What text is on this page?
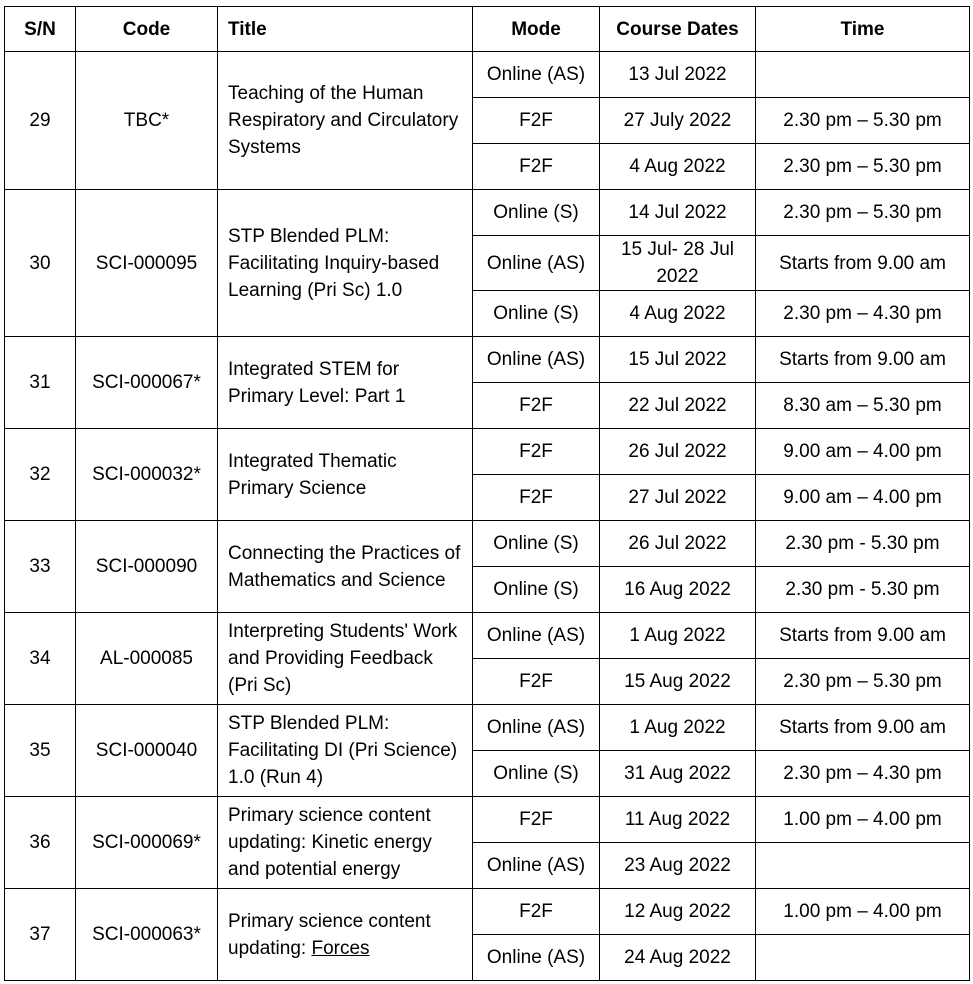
S/N	Code	Title	Mode	Course Dates	Time
29	TBC*	Teaching of the Human Respiratory and Circulatory Systems	Online (AS)	13 Jul 2022	
			F2F	27 July 2022	2.30 pm – 5.30 pm
			F2F	4 Aug 2022	2.30 pm – 5.30 pm
30	SCI-000095	STP Blended PLM: Facilitating Inquiry-based Learning (Pri Sc) 1.0	Online (S)	14 Jul 2022	2.30 pm – 5.30 pm
			Online (AS)	15 Jul- 28 Jul 2022	Starts from 9.00 am
			Online (S)	4 Aug 2022	2.30 pm – 4.30 pm
31	SCI-000067*	Integrated STEM for Primary Level: Part 1	Online (AS)	15 Jul 2022	Starts from 9.00 am
			F2F	22 Jul 2022	8.30 am – 5.30 pm
32	SCI-000032*	Integrated Thematic Primary Science	F2F	26 Jul 2022	9.00 am – 4.00 pm
			F2F	27 Jul 2022	9.00 am – 4.00 pm
33	SCI-000090	Connecting the Practices of Mathematics and Science	Online (S)	26 Jul 2022	2.30 pm - 5.30 pm
			Online (S)	16 Aug 2022	2.30 pm - 5.30 pm
34	AL-000085	Interpreting Students' Work and Providing Feedback (Pri Sc)	Online (AS)	1 Aug 2022	Starts from 9.00 am
			F2F	15 Aug 2022	2.30 pm – 5.30 pm
35	SCI-000040	STP Blended PLM: Facilitating DI (Pri Science) 1.0 (Run 4)	Online (AS)	1 Aug 2022	Starts from 9.00 am
			Online (S)	31 Aug 2022	2.30 pm – 4.30 pm
36	SCI-000069*	Primary science content updating: Kinetic energy and potential energy	F2F	11 Aug 2022	1.00 pm – 4.00 pm
			Online (AS)	23 Aug 2022	
37	SCI-000063*	Primary science content updating: Forces	F2F	12 Aug 2022	1.00 pm – 4.00 pm
			Online (AS)	24 Aug 2022	
